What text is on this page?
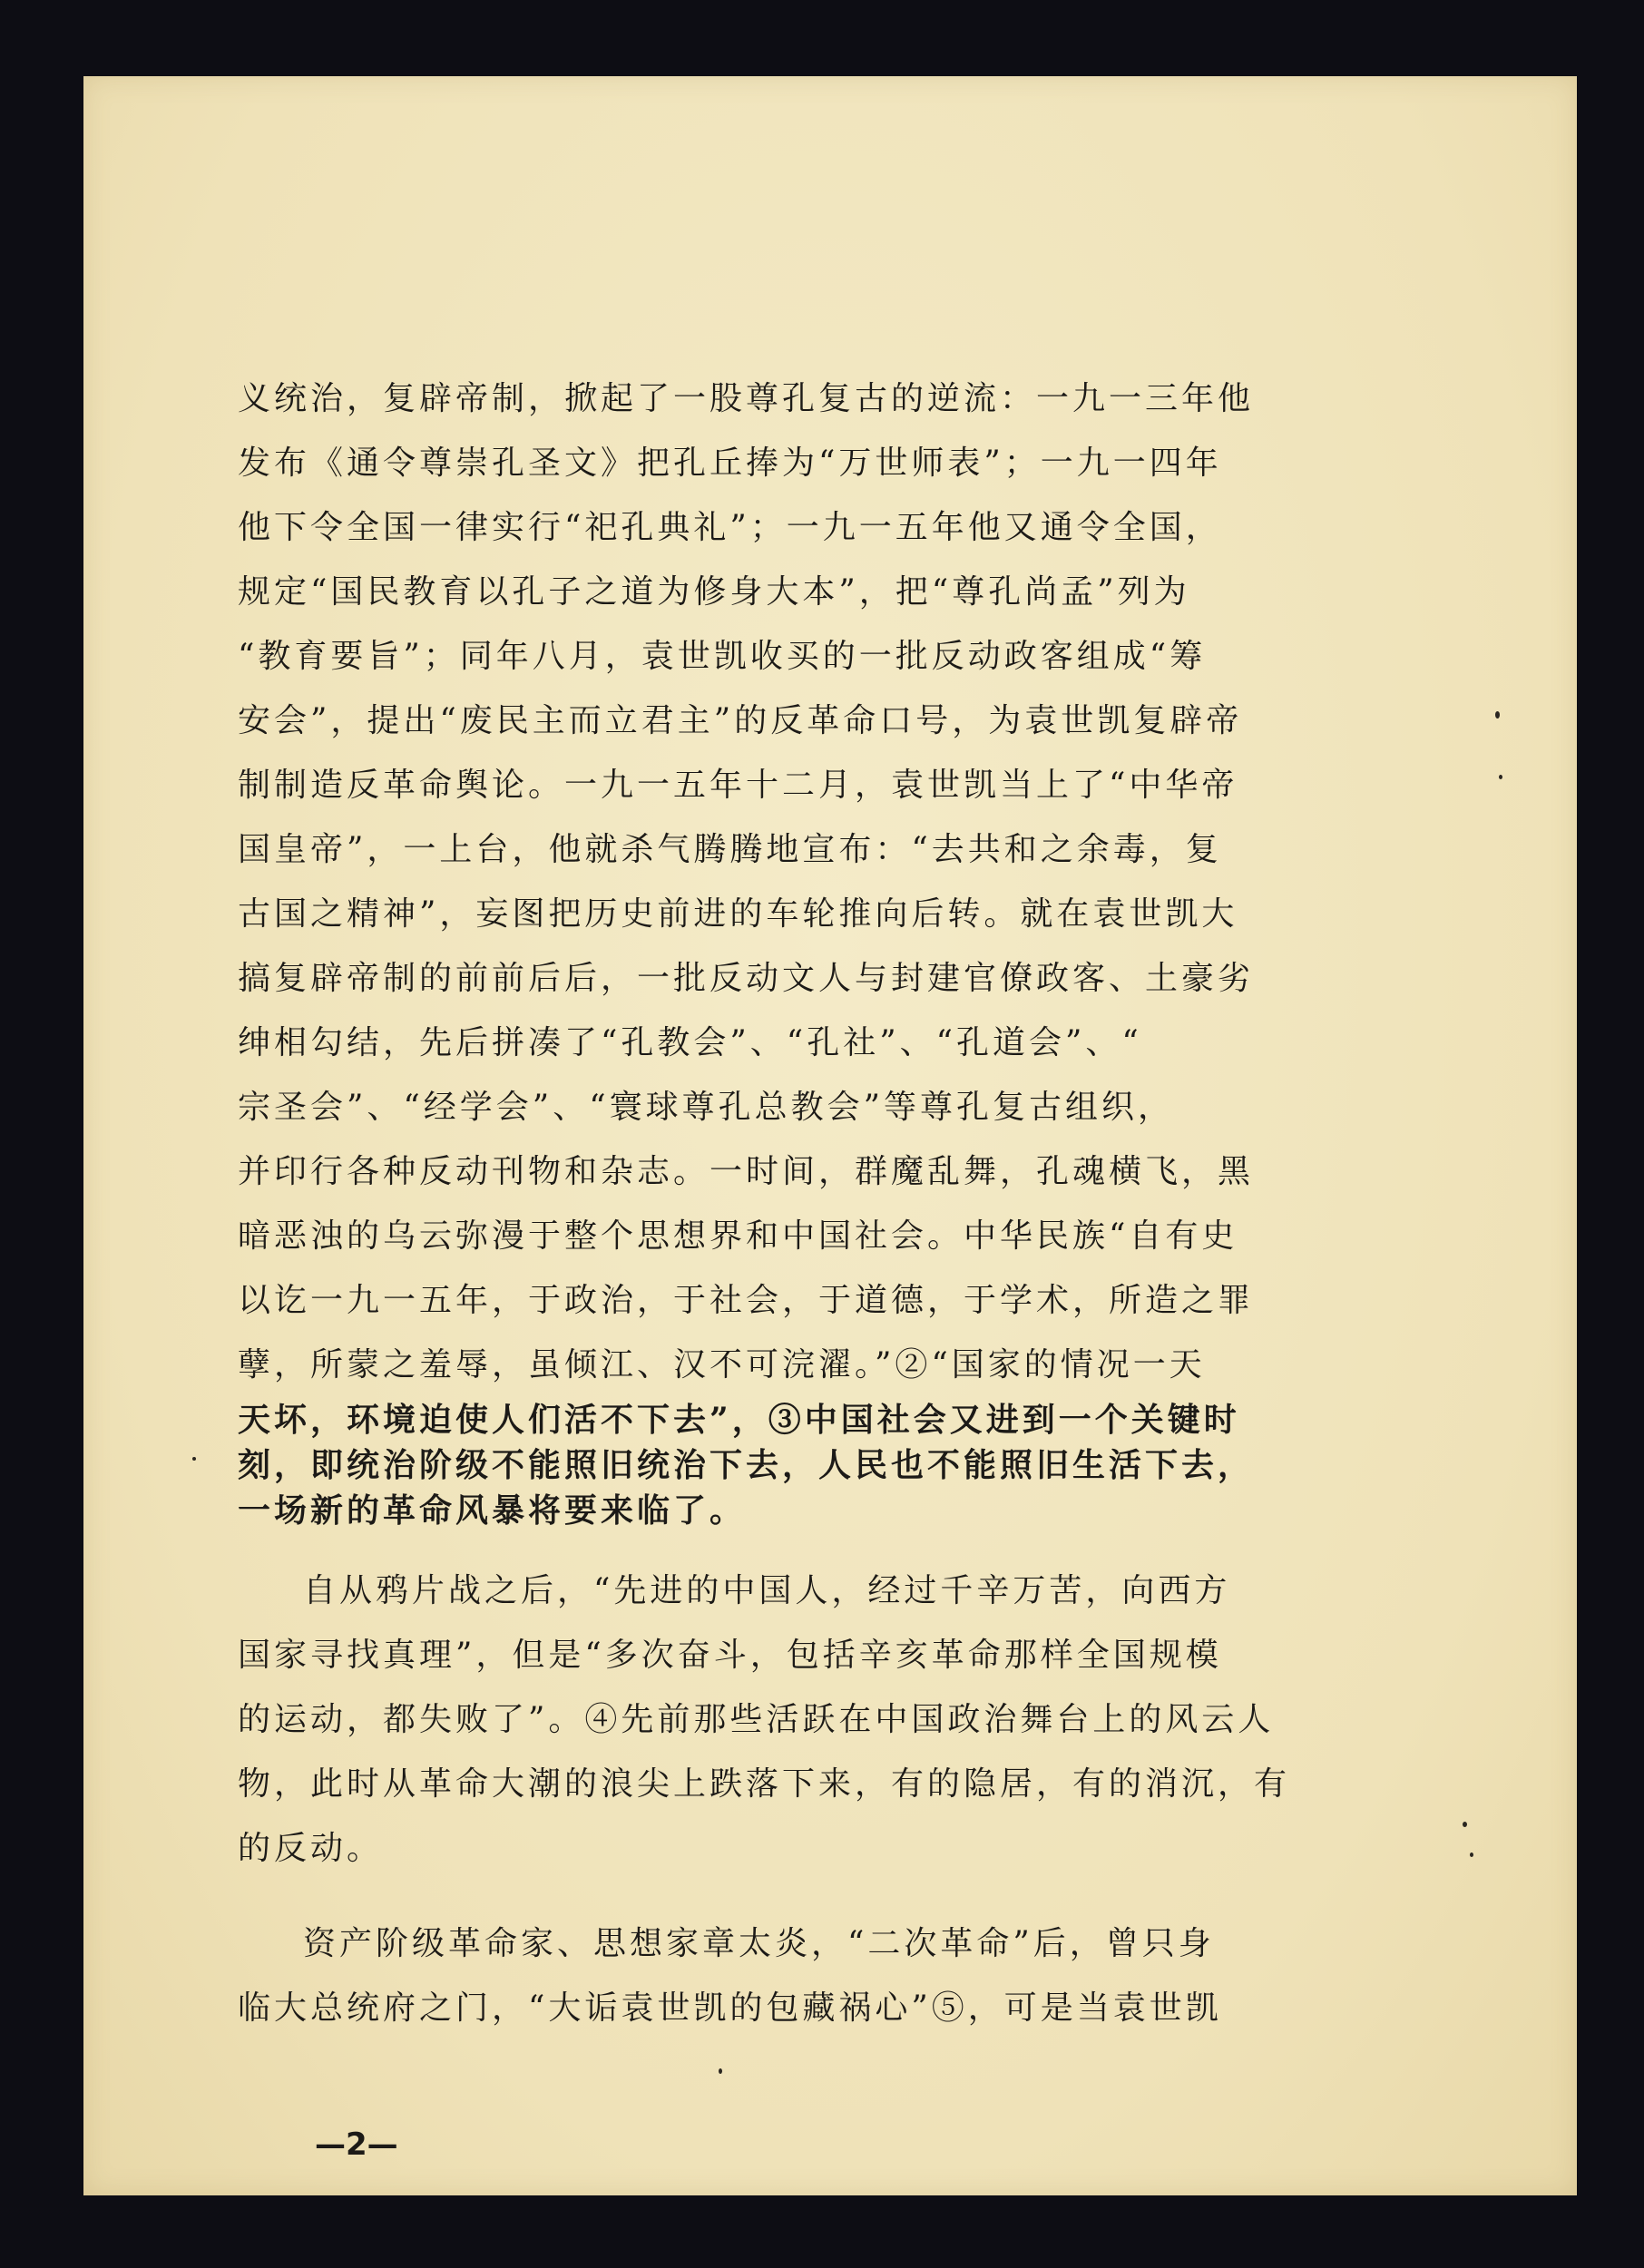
义统治，复辟帝制，掀起了一股尊孔复古的逆流：一九一三年他
发布《通令尊崇孔圣文》把孔丘捧为“万世师表”；一九一四年
他下令全国一律实行“祀孔典礼”；一九一五年他又通令全国，
规定“国民教育以孔子之道为修身大本”，把“尊孔尚孟”列为
“教育要旨”；同年八月，袁世凯收买的一批反动政客组成“筹
安会”，提出“废民主而立君主”的反革命口号，为袁世凯复辟帝
制制造反革命舆论。一九一五年十二月，袁世凯当上了“中华帝
国皇帝”，一上台，他就杀气腾腾地宣布：“去共和之余毒，复
古国之精神”，妄图把历史前进的车轮推向后转。就在袁世凯大
搞复辟帝制的前前后后，一批反动文人与封建官僚政客、土豪劣
绅相勾结，先后拼凑了“孔教会”、“孔社”、“孔道会”、“
宗圣会”、“经学会”、“寰球尊孔总教会”等尊孔复古组织，
并印行各种反动刊物和杂志。一时间，群魔乱舞，孔魂横飞，黑
暗恶浊的乌云弥漫于整个思想界和中国社会。中华民族“自有史
以讫一九一五年，于政治，于社会，于道德，于学术，所造之罪
孽，所蒙之羞辱，虽倾江、汉不可浣濯。”②“国家的情况一天

天坏，环境迫使人们活不下去”，③中国社会又进到一个关键时
刻，即统治阶级不能照旧统治下去，人民也不能照旧生活下去，
一场新的革命风暴将要来临了。

自从鸦片战之后，“先进的中国人，经过千辛万苦，向西方
国家寻找真理”，但是“多次奋斗，包括辛亥革命那样全国规模
的运动，都失败了”。④先前那些活跃在中国政治舞台上的风云人
物，此时从革命大潮的浪尖上跌落下来，有的隐居，有的消沉，有
的反动。

资产阶级革命家、思想家章太炎，“二次革命”后，曾只身
临大总统府之门，“大诟袁世凯的包藏祸心”⑤，可是当袁世凯

—2—
